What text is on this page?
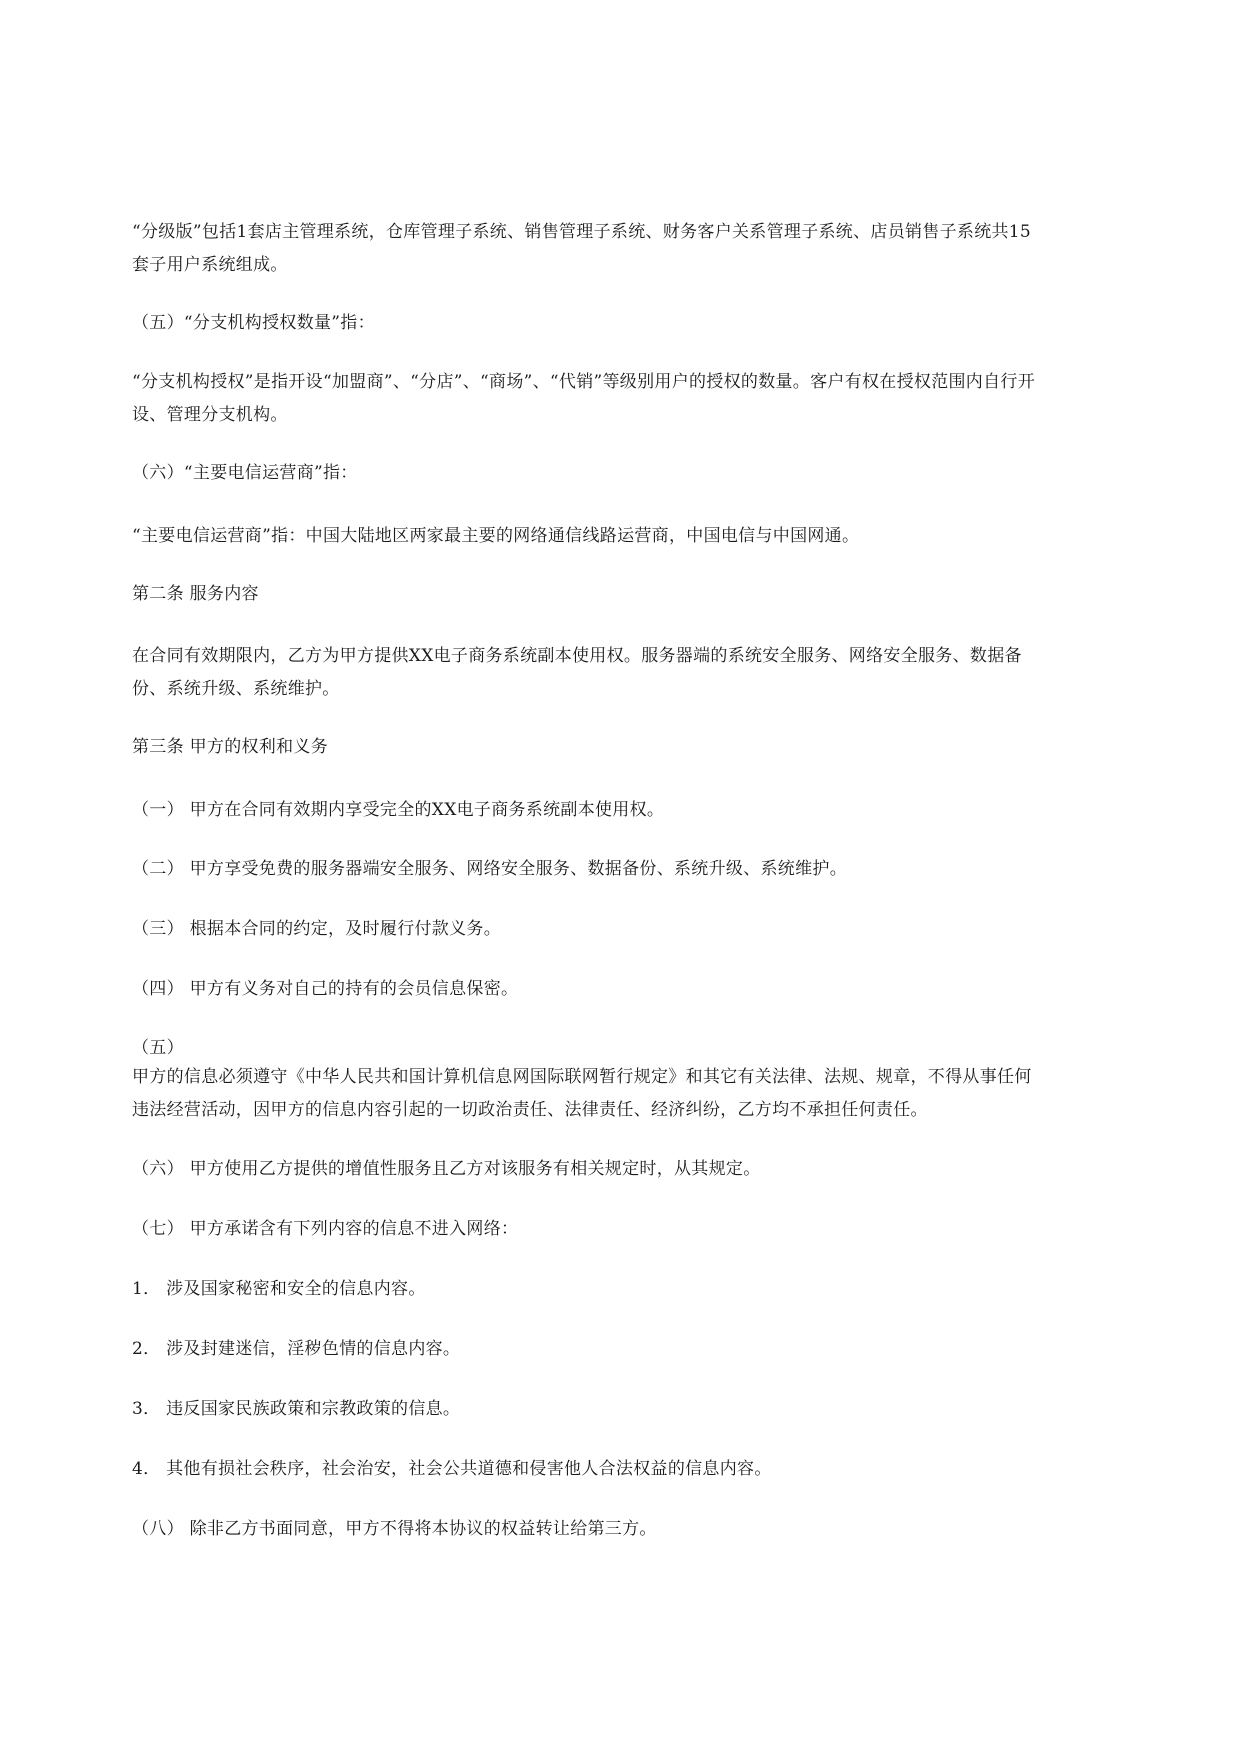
“分级版”包括1套店主管理系统，仓库管理子系统、销售管理子系统、财务客户关系管理子系统、店员销售子系统共15
套子用户系统组成。
（五）“分支机构授权数量”指：
“分支机构授权”是指开设“加盟商”、“分店”、“商场”、“代销”等级别用户的授权的数量。客户有权在授权范围内自行开
设、管理分支机构。
（六）“主要电信运营商”指：
“主要电信运营商”指：中国大陆地区两家最主要的网络通信线路运营商，中国电信与中国网通。
第二条 服务内容
在合同有效期限内，乙方为甲方提供XX电子商务系统副本使用权。服务器端的系统安全服务、网络安全服务、数据备
份、系统升级、系统维护。
第三条 甲方的权利和义务
（一） 甲方在合同有效期内享受完全的XX电子商务系统副本使用权。
（二） 甲方享受免费的服务器端安全服务、网络安全服务、数据备份、系统升级、系统维护。
（三） 根据本合同的约定，及时履行付款义务。
（四） 甲方有义务对自己的持有的会员信息保密。
（五）
甲方的信息必须遵守《中华人民共和国计算机信息网国际联网暂行规定》和其它有关法律、法规、规章，不得从事任何
违法经营活动，因甲方的信息内容引起的一切政治责任、法律责任、经济纠纷，乙方均不承担任何责任。
（六） 甲方使用乙方提供的增值性服务且乙方对该服务有相关规定时，从其规定。
（七） 甲方承诺含有下列内容的信息不进入网络：
1． 涉及国家秘密和安全的信息内容。
2． 涉及封建迷信，淫秽色情的信息内容。
3． 违反国家民族政策和宗教政策的信息。
4． 其他有损社会秩序，社会治安，社会公共道德和侵害他人合法权益的信息内容。
（八） 除非乙方书面同意，甲方不得将本协议的权益转让给第三方。
